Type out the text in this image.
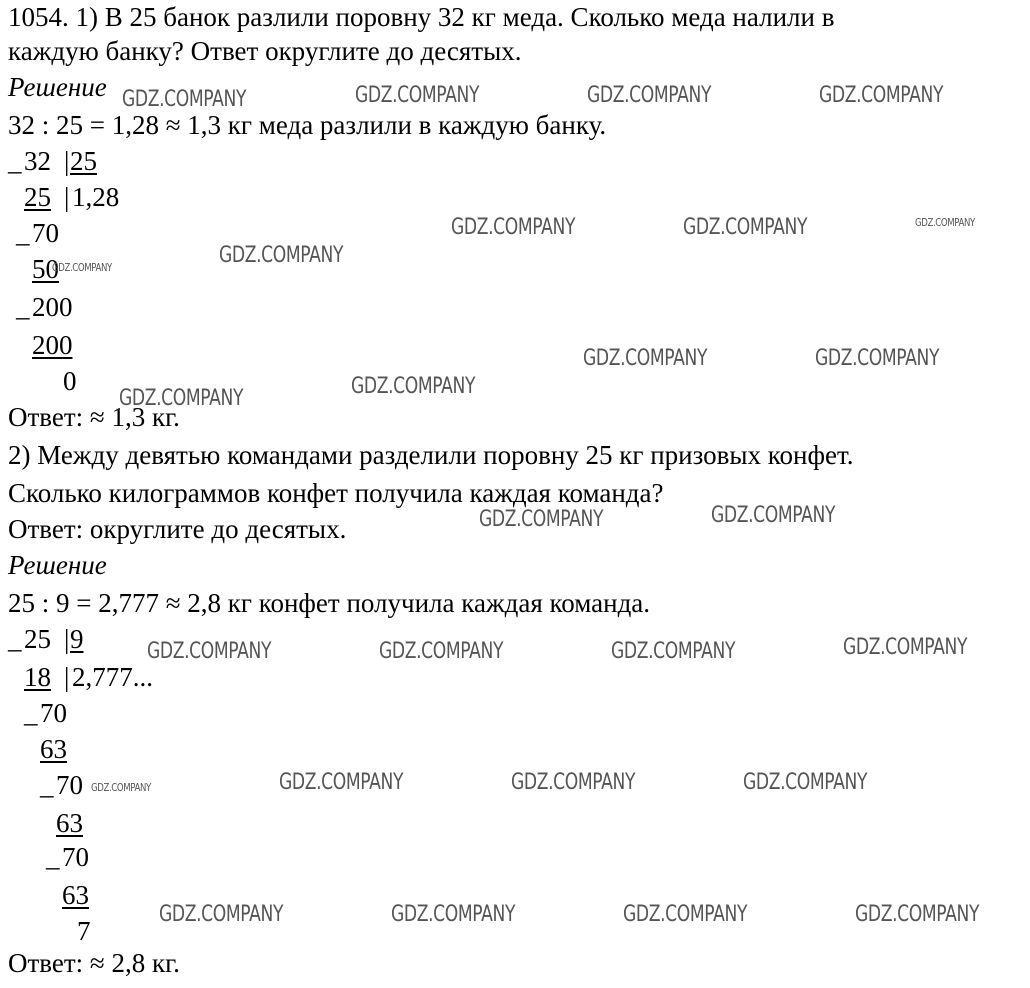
1054. 1) В 25 банок разлили поровну 32 кг меда. Сколько меда налили в
каждую банку? Ответ округлите до десятых.
Решение
32 : 25 = 1,28 ≈ 1,3 кг меда разлили в каждую банку.
_ 32 | 25
25 | 1,28
_ 70
50
_ 200
200
0
Ответ: ≈ 1,3 кг.
2) Между девятью командами разделили поровну 25 кг призовых конфет.
Сколько килограммов конфет получила каждая команда?
Ответ: округлите до десятых.
Решение
25 : 9 = 2,777 ≈ 2,8 кг конфет получила каждая команда.
_ 25 | 9
18 | 2,777...
_ 70
63
_ 70
63
_ 70
63
7
Ответ: ≈ 2,8 кг.
GDZ.COMPANY	GDZ.COMPANY	GDZ.COMPANY	GDZ.COMPANY
GDZ.COMPANY	GDZ.COMPANY	GDZ.COMPANY
GDZ.COMPANY
GDZ.COMPANY
GDZ.COMPANY	GDZ.COMPANY
GDZ.COMPANY
GDZ.COMPANY
GDZ.COMPANY
GDZ.COMPANY
GDZ.COMPANY
GDZ.COMPANY	GDZ.COMPANY	GDZ.COMPANY
GDZ.COMPANY	GDZ.COMPANY	GDZ.COMPANY
GDZ.COMPANY
GDZ.COMPANY	GDZ.COMPANY	GDZ.COMPANY	GDZ.COMPANY
